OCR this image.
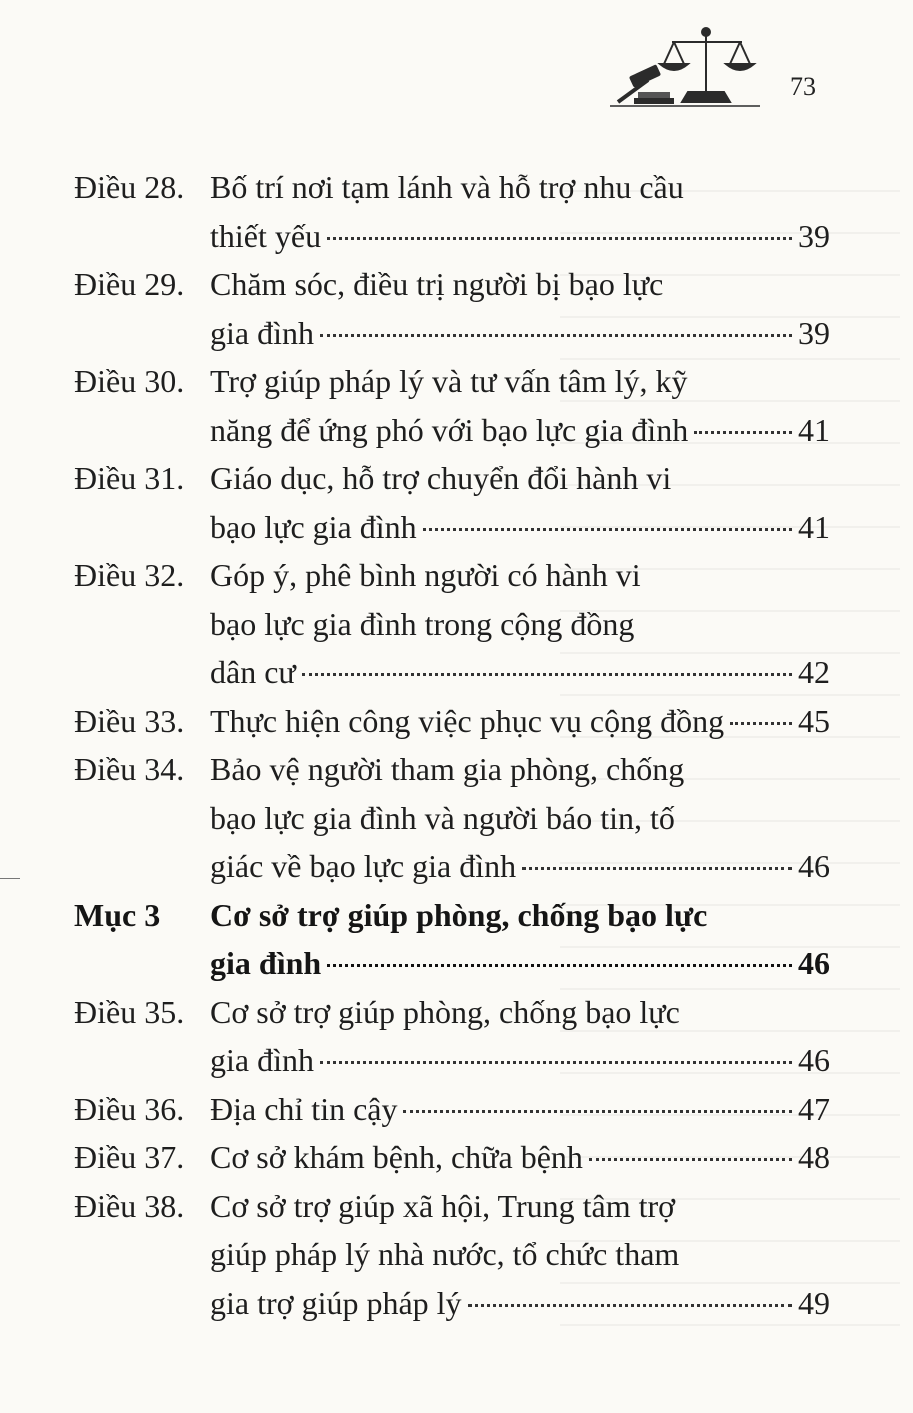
73
Điều 28. Bố trí nơi tạm lánh và hỗ trợ nhu cầu
thiết yếu	39
Điều 29. Chăm sóc, điều trị người bị bạo lực
gia đình	39
Điều 30. Trợ giúp pháp lý và tư vấn tâm lý, kỹ
năng để ứng phó với bạo lực gia đình	41
Điều 31. Giáo dục, hỗ trợ chuyển đổi hành vi
bạo lực gia đình	41
Điều 32. Góp ý, phê bình người có hành vi
bạo lực gia đình trong cộng đồng
dân cư	42
Điều 33. Thực hiện công việc phục vụ cộng đồng 45
Điều 34. Bảo vệ người tham gia phòng, chống
bạo lực gia đình và người báo tin, tố
giác về bạo lực gia đình	46
Mục 3	Cơ sở trợ giúp phòng, chống bạo lực
gia đình	46
Điều 35. Cơ sở trợ giúp phòng, chống bạo lực
gia đình	46
Điều 36. Địa chỉ tin cậy	47
Điều 37. Cơ sở khám bệnh, chữa bệnh	48
Điều 38. Cơ sở trợ giúp xã hội, Trung tâm trợ
giúp pháp lý nhà nước, tổ chức tham
gia trợ giúp pháp lý	49
